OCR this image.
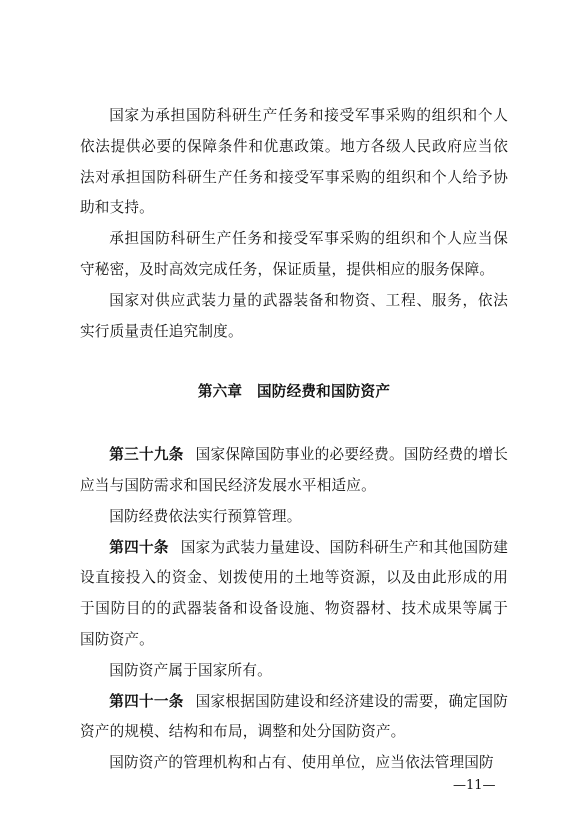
国家为承担国防科研生产任务和接受军事采购的组织和个人依法提供必要的保障条件和优惠政策。地方各级人民政府应当依法对承担国防科研生产任务和接受军事采购的组织和个人给予协助和支持。

承担国防科研生产任务和接受军事采购的组织和个人应当保守秘密，及时高效完成任务，保证质量，提供相应的服务保障。

国家对供应武装力量的武器装备和物资、工程、服务，依法实行质量责任追究制度。

第六章　国防经费和国防资产

第三十九条 国家保障国防事业的必要经费。国防经费的增长应当与国防需求和国民经济发展水平相适应。

国防经费依法实行预算管理。

第四十条 国家为武装力量建设、国防科研生产和其他国防建设直接投入的资金、划拨使用的土地等资源，以及由此形成的用于国防目的的武器装备和设备设施、物资器材、技术成果等属于国防资产。

国防资产属于国家所有。

第四十一条 国家根据国防建设和经济建设的需要，确定国防资产的规模、结构和布局，调整和处分国防资产。

国防资产的管理机构和占有、使用单位，应当依法管理国防

—11—
